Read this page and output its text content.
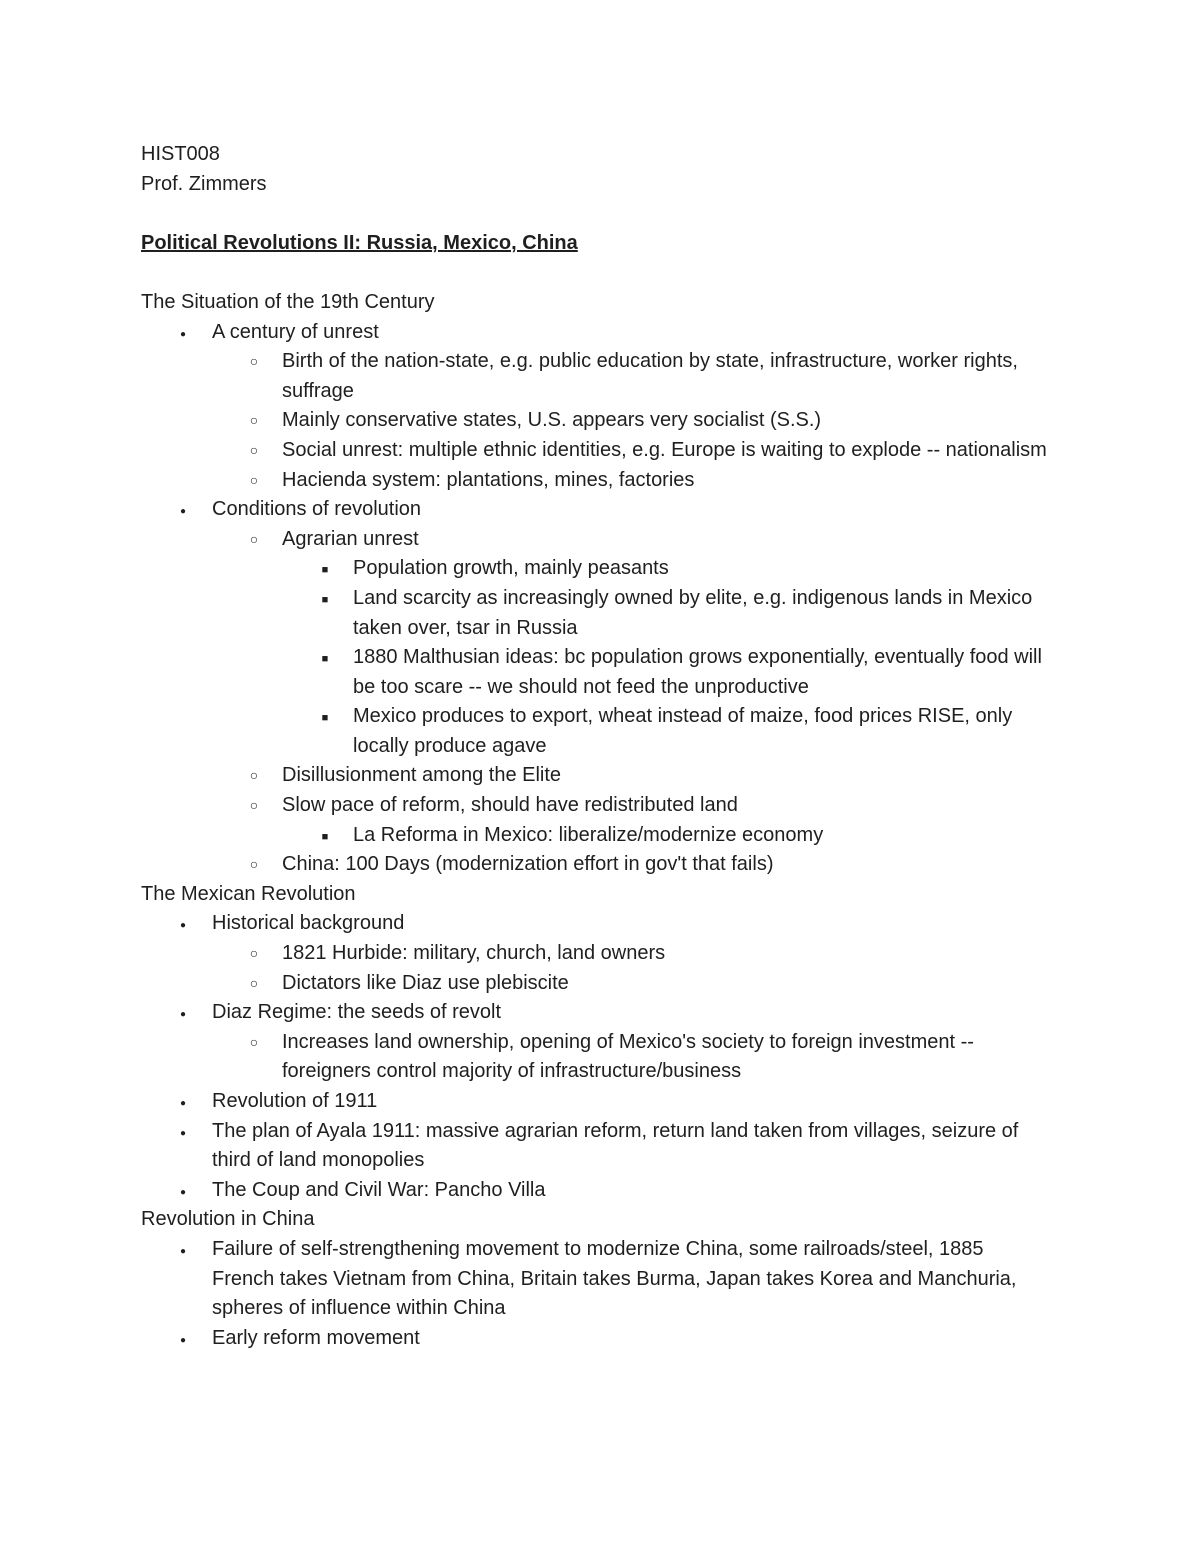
HIST008
Prof. Zimmers
Political Revolutions II: Russia, Mexico, China
The Situation of the 19th Century
●
A century of unrest
○
Birth of the nation-state, e.g. public education by state, infrastructure, worker rights, suffrage
○
Mainly conservative states, U.S. appears very socialist (S.S.)
○
Social unrest: multiple ethnic identities, e.g. Europe is waiting to explode -- nationalism
○
Hacienda system: plantations, mines, factories
●
Conditions of revolution
○
Agrarian unrest
■
Population growth, mainly peasants
■
Land scarcity as increasingly owned by elite, e.g. indigenous lands in Mexico taken over, tsar in Russia
■
1880 Malthusian ideas: bc population grows exponentially, eventually food will be too scare -- we should not feed the unproductive
■
Mexico produces to export, wheat instead of maize, food prices RISE, only locally produce agave
○
Disillusionment among the Elite
○
Slow pace of reform, should have redistributed land
■
La Reforma in Mexico: liberalize/modernize economy
○
China: 100 Days (modernization effort in gov't that fails)
The Mexican Revolution
●
Historical background
○
1821 Hurbide: military, church, land owners
○
Dictators like Diaz use plebiscite
●
Diaz Regime: the seeds of revolt
○
Increases land ownership, opening of Mexico's society to foreign investment -- foreigners control majority of infrastructure/business
●
Revolution of 1911
●
The plan of Ayala 1911: massive agrarian reform, return land taken from villages, seizure of third of land monopolies
●
The Coup and Civil War: Pancho Villa
Revolution in China
●
Failure of self-strengthening movement to modernize China, some railroads/steel, 1885 French takes Vietnam from China, Britain takes Burma, Japan takes Korea and Manchuria, spheres of influence within China
●
Early reform movement
